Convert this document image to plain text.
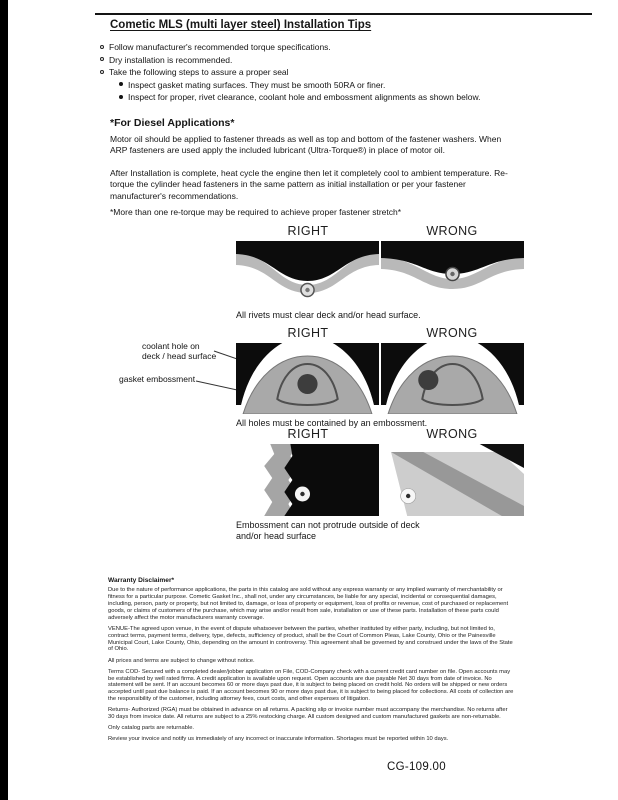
Cometic MLS (multi layer steel) Installation Tips
Follow manufacturer's recommended torque specifications.
Dry installation is recommended.
Take the following steps to assure a proper seal
Inspect gasket mating surfaces. They must be smooth 50RA or finer.
Inspect for proper, rivet clearance, coolant hole and embossment alignments as shown below.
*For Diesel Applications*
Motor oil should be applied to fastener threads as well as top and bottom of the fastener washers. When ARP fasteners are used apply the included lubricant (Ultra-Torque®) in place of motor oil.
After Installation is complete, heat cycle the engine then let it completely cool to ambient temperature. Re-torque the cylinder head fasteners in the same pattern as initial installation or per your fastener manufacturer's recommendations.
*More than one re-torque may be required to achieve proper fastener stretch*
coolant hole on
deck / head surface
gasket embossment
RIGHT	WRONG
All rivets must clear deck and/or head surface.
RIGHT	WRONG
All holes must be contained by an embossment.
RIGHT	WRONG
Embossment can not protrude outside of deck and/or head surface
Warranty Disclaimer*

Due to the nature of performance applications, the parts in this catalog are sold without any express warranty or any implied warranty of merchantability or fitness for a particular purpose. Cometic Gasket Inc., shall not, under any circumstances, be liable for any special, incidental or consequential damages, including, person, party or property, but not limited to, damage, or loss of property or equipment, loss of profits or revenue, cost of purchased or replacement goods, or claims of customers of the purchase, which may arise and/or result from sale, installation or use of these parts. Installation of these parts could adversely affect the motor manufacturers warranty coverage.

VENUE-The agreed upon venue, in the event of dispute whatsoever between the parties, whether instituted by either party, including, but not limited to, contract terms, payment terms, delivery, type, defects, sufficiency of product, shall be the Court of Common Pleas, Lake County, Ohio or the Painesville Municipal Court, Lake County, Ohio, depending on the amount in controversy. This agreement shall be governed by and construed under the laws of the State of Ohio.

All prices and terms are subject to change without notice.

Terms COD- Secured with a completed dealer/jobber application on File, COD-Company check with a current credit card number on file. Open accounts may be established by well rated firms. A credit application is available upon request. Open accounts are due payable Net 30 days from date of invoice. No statement will be sent. If an account becomes 60 or more days past due, it is subject to being placed on credit hold. No orders will be shipped or new orders accepted until past due balance is paid. If an account becomes 90 or more days past due, it is subject to being placed for collections. All costs of collection are the responsibility of the customer, including attorney fees, court costs, and other expenses of litigation.

Returns- Authorized (RGA) must be obtained in advance on all returns. A packing slip or invoice number must accompany the merchandise. No returns after 30 days from invoice date. All returns are subject to a 25% restocking charge. All custom designed and custom manufactured gaskets are non-returnable.

Only catalog parts are returnable.

Review your invoice and notify us immediately of any incorrect or inaccurate information. Shortages must be reported within 10 days.

CG-109.00
